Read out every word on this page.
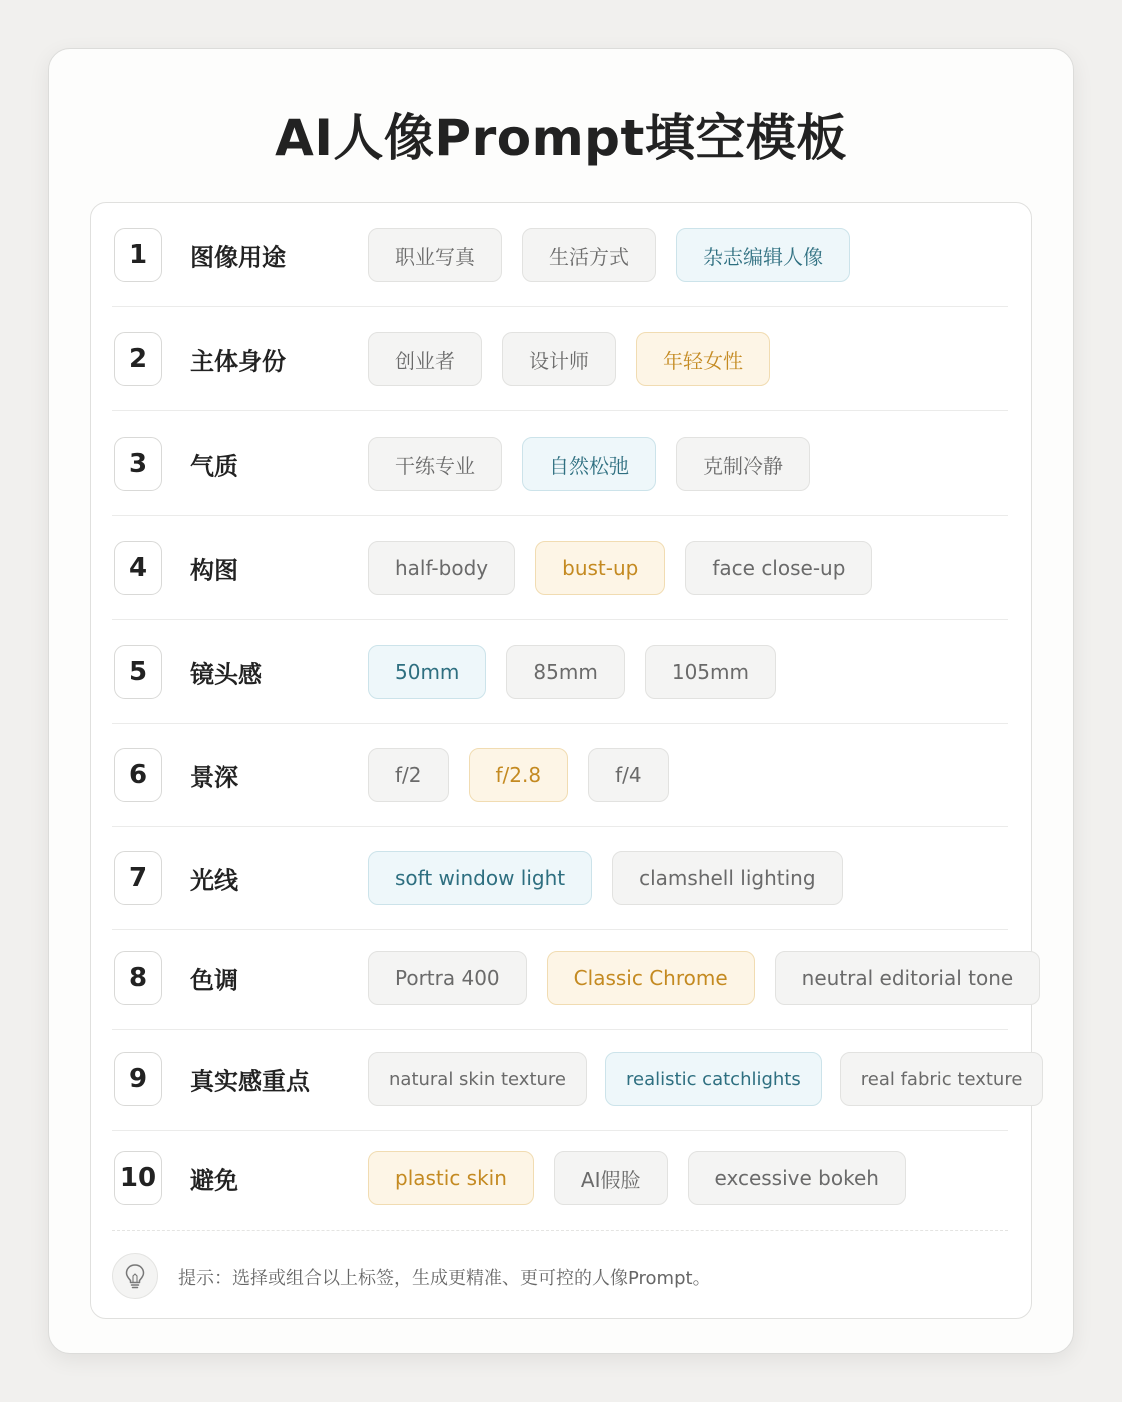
AI人像Prompt填空模板
1	图像用途	职业写真	生活方式	杂志编辑人像
2	主体身份	创业者	设计师	年轻女性
3	气质	干练专业	自然松弛	克制冷静
4	构图	half-body	bust-up	face close-up
5	镜头感	50mm	85mm	105mm
6	景深	f/2	f/2.8	f/4
7	光线	soft window light	clamshell lighting
8	色调	Portra 400	Classic Chrome	neutral editorial tone
9	真实感重点	natural skin texture	realistic catchlights	real fabric texture
10 避免	plastic skin	AI假脸	excessive bokeh
提示：选择或组合以上标签，生成更精准、更可控的人像Prompt。
